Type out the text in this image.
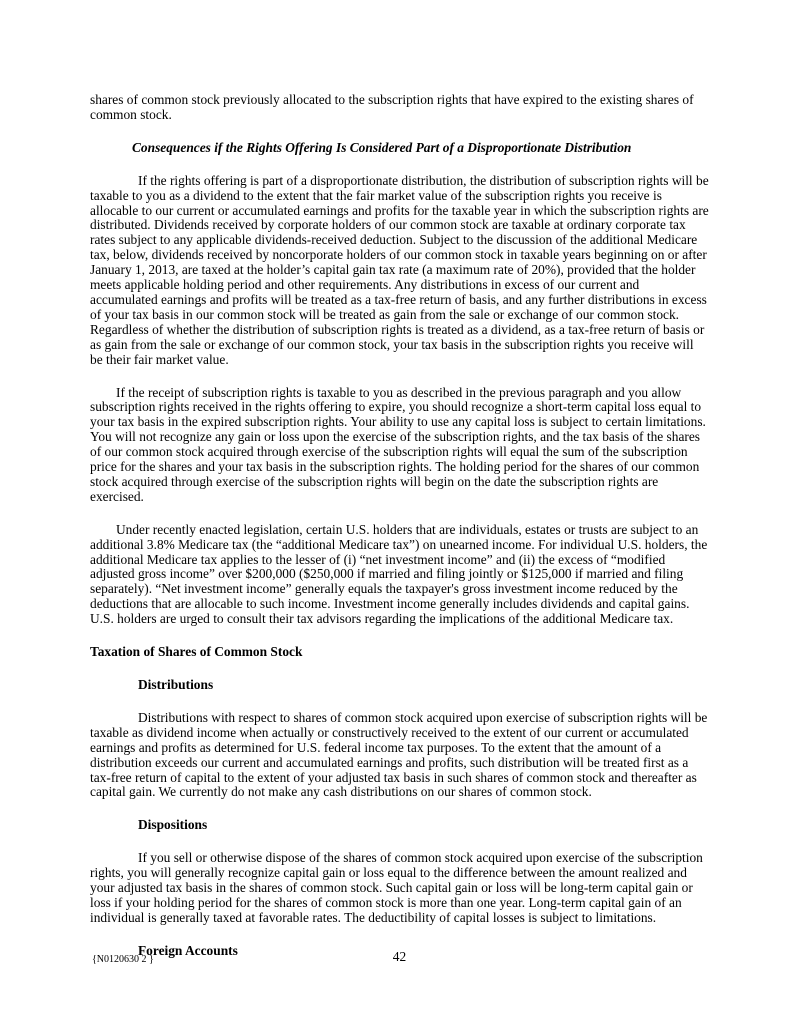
shares of common stock previously allocated to the subscription rights that have expired to the existing shares of common stock.

Consequences if the Rights Offering Is Considered Part of a Disproportionate Distribution

If the rights offering is part of a disproportionate distribution, the distribution of subscription rights will be taxable to you as a dividend to the extent that the fair market value of the subscription rights you receive is allocable to our current or accumulated earnings and profits for the taxable year in which the subscription rights are distributed. Dividends received by corporate holders of our common stock are taxable at ordinary corporate tax rates subject to any applicable dividends-received deduction. Subject to the discussion of the additional Medicare tax, below, dividends received by noncorporate holders of our common stock in taxable years beginning on or after January 1, 2013, are taxed at the holder’s capital gain tax rate (a maximum rate of 20%), provided that the holder meets applicable holding period and other requirements. Any distributions in excess of our current and accumulated earnings and profits will be treated as a tax-free return of basis, and any further distributions in excess of your tax basis in our common stock will be treated as gain from the sale or exchange of our common stock. Regardless of whether the distribution of subscription rights is treated as a dividend, as a tax-free return of basis or as gain from the sale or exchange of our common stock, your tax basis in the subscription rights you receive will be their fair market value.

If the receipt of subscription rights is taxable to you as described in the previous paragraph and you allow subscription rights received in the rights offering to expire, you should recognize a short-term capital loss equal to your tax basis in the expired subscription rights. Your ability to use any capital loss is subject to certain limitations. You will not recognize any gain or loss upon the exercise of the subscription rights, and the tax basis of the shares of our common stock acquired through exercise of the subscription rights will equal the sum of the subscription price for the shares and your tax basis in the subscription rights. The holding period for the shares of our common stock acquired through exercise of the subscription rights will begin on the date the subscription rights are exercised.

Under recently enacted legislation, certain U.S. holders that are individuals, estates or trusts are subject to an additional 3.8% Medicare tax (the “additional Medicare tax”) on unearned income. For individual U.S. holders, the additional Medicare tax applies to the lesser of (i) “net investment income” and (ii) the excess of “modified adjusted gross income” over $200,000 ($250,000 if married and filing jointly or $125,000 if married and filing separately). “Net investment income” generally equals the taxpayer's gross investment income reduced by the deductions that are allocable to such income. Investment income generally includes dividends and capital gains. U.S. holders are urged to consult their tax advisors regarding the implications of the additional Medicare tax.

Taxation of Shares of Common Stock

Distributions

Distributions with respect to shares of common stock acquired upon exercise of subscription rights will be taxable as dividend income when actually or constructively received to the extent of our current or accumulated earnings and profits as determined for U.S. federal income tax purposes. To the extent that the amount of a distribution exceeds our current and accumulated earnings and profits, such distribution will be treated first as a tax-free return of capital to the extent of your adjusted tax basis in such shares of common stock and thereafter as capital gain. We currently do not make any cash distributions on our shares of common stock.

Dispositions

If you sell or otherwise dispose of the shares of common stock acquired upon exercise of the subscription rights, you will generally recognize capital gain or loss equal to the difference between the amount realized and your adjusted tax basis in the shares of common stock. Such capital gain or loss will be long-term capital gain or loss if your holding period for the shares of common stock is more than one year. Long-term capital gain of an individual is generally taxed at favorable rates. The deductibility of capital losses is subject to limitations.

Foreign Accounts

{N0120630 2 }	42
